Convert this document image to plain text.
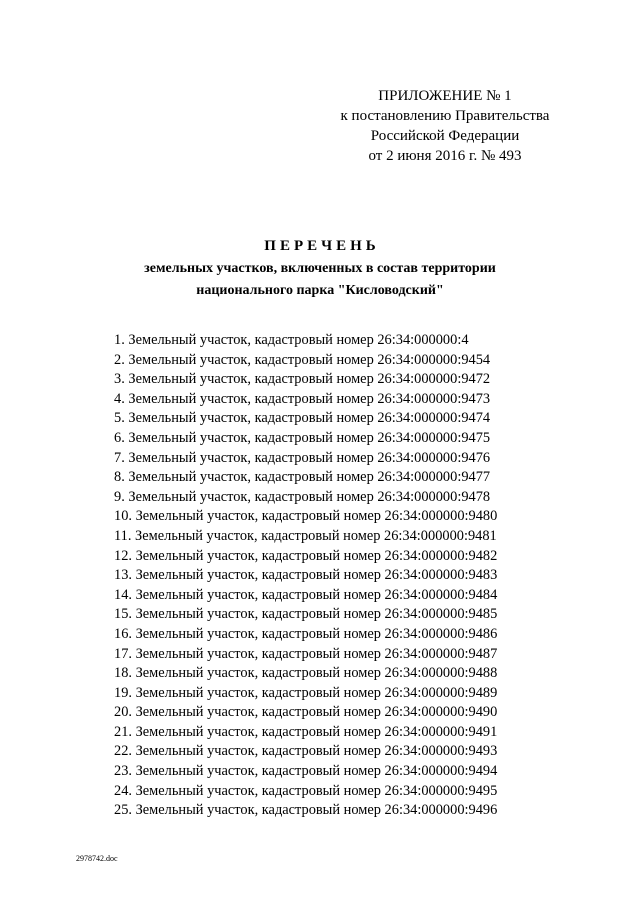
ПРИЛОЖЕНИЕ № 1
к постановлению Правительства
Российской Федерации
от 2 июня 2016 г. № 493
ПЕРЕЧЕНЬ
земельных участков, включенных в состав территории
национального парка "Кисловодский"
1. Земельный участок, кадастровый номер 26:34:000000:4
2. Земельный участок, кадастровый номер 26:34:000000:9454
3. Земельный участок, кадастровый номер 26:34:000000:9472
4. Земельный участок, кадастровый номер 26:34:000000:9473
5. Земельный участок, кадастровый номер 26:34:000000:9474
6. Земельный участок, кадастровый номер 26:34:000000:9475
7. Земельный участок, кадастровый номер 26:34:000000:9476
8. Земельный участок, кадастровый номер 26:34:000000:9477
9. Земельный участок, кадастровый номер 26:34:000000:9478
10. Земельный участок, кадастровый номер 26:34:000000:9480
11. Земельный участок, кадастровый номер 26:34:000000:9481
12. Земельный участок, кадастровый номер 26:34:000000:9482
13. Земельный участок, кадастровый номер 26:34:000000:9483
14. Земельный участок, кадастровый номер 26:34:000000:9484
15. Земельный участок, кадастровый номер 26:34:000000:9485
16. Земельный участок, кадастровый номер 26:34:000000:9486
17. Земельный участок, кадастровый номер 26:34:000000:9487
18. Земельный участок, кадастровый номер 26:34:000000:9488
19. Земельный участок, кадастровый номер 26:34:000000:9489
20. Земельный участок, кадастровый номер 26:34:000000:9490
21. Земельный участок, кадастровый номер 26:34:000000:9491
22. Земельный участок, кадастровый номер 26:34:000000:9493
23. Земельный участок, кадастровый номер 26:34:000000:9494
24. Земельный участок, кадастровый номер 26:34:000000:9495
25. Земельный участок, кадастровый номер 26:34:000000:9496
2978742.doc
